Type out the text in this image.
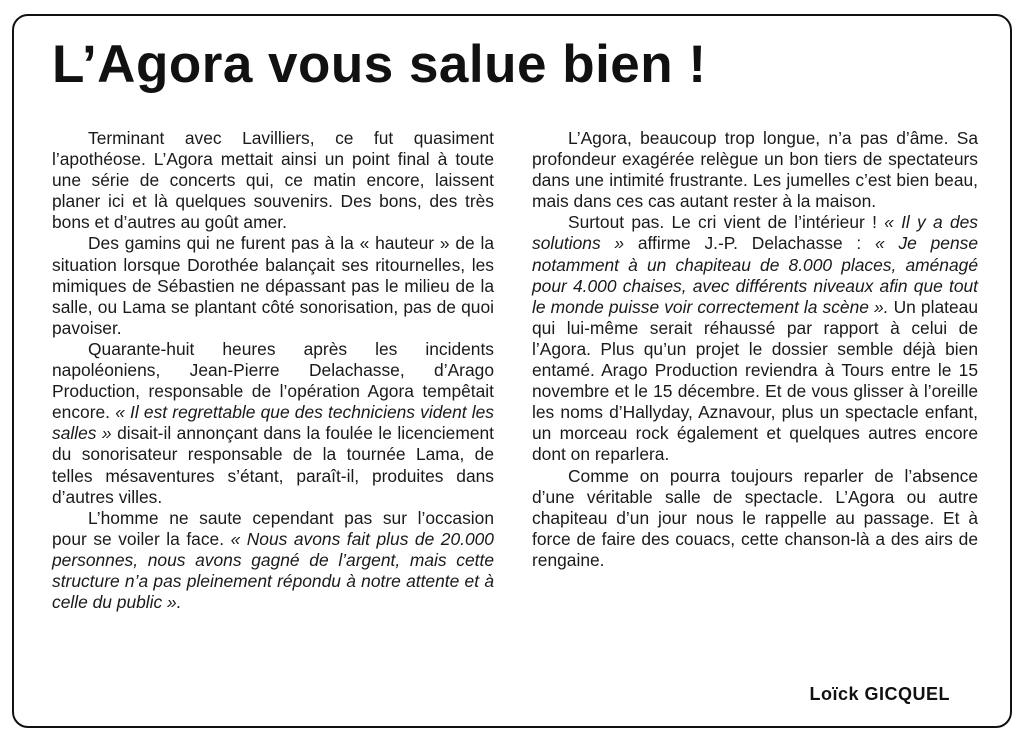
L’Agora vous salue bien !

Terminant avec Lavilliers, ce fut quasiment l’apothéose. L’Agora mettait ainsi un point final à toute une série de concerts qui, ce matin encore, laissent planer ici et là quelques souvenirs. Des bons, des très bons et d’autres au goût amer.

Des gamins qui ne furent pas à la « hauteur » de la situation lorsque Dorothée balançait ses ritournelles, les mimiques de Sébastien ne dépassant pas le milieu de la salle, ou Lama se plantant côté sonorisation, pas de quoi pavoiser.

Quarante-huit heures après les incidents napoléoniens, Jean-Pierre Delachasse, d’Arago Production, responsable de l’opération Agora tempêtait encore. « Il est regrettable que des techniciens vident les salles » disait-il annonçant dans la foulée le licenciement du sonorisateur responsable de la tournée Lama, de telles mésaventures s’étant, paraît-il, produites dans d’autres villes.

L’homme ne saute cependant pas sur l’occasion pour se voiler la face. « Nous avons fait plus de 20.000 personnes, nous avons gagné de l’argent, mais cette structure n’a pas pleinement répondu à notre attente et à celle du public ».

L’Agora, beaucoup trop longue, n’a pas d’âme. Sa profondeur exagérée relègue un bon tiers de spectateurs dans une intimité frustrante. Les jumelles c’est bien beau, mais dans ces cas autant rester à la maison.

Surtout pas. Le cri vient de l’intérieur ! « Il y a des solutions » affirme J.-P. Delachasse : « Je pense notamment à un chapiteau de 8.000 places, aménagé pour 4.000 chaises, avec différents niveaux afin que tout le monde puisse voir correctement la scène ». Un plateau qui lui-même serait réhaussé par rapport à celui de l’Agora. Plus qu’un projet le dossier semble déjà bien entamé. Arago Production reviendra à Tours entre le 15 novembre et le 15 décembre. Et de vous glisser à l’oreille les noms d’Hallyday, Aznavour, plus un spectacle enfant, un morceau rock également et quelques autres encore dont on reparlera.

Comme on pourra toujours reparler de l’absence d’une véritable salle de spectacle. L’Agora ou autre chapiteau d’un jour nous le rappelle au passage. Et à force de faire des couacs, cette chanson-là a des airs de rengaine.

Loïck GICQUEL
